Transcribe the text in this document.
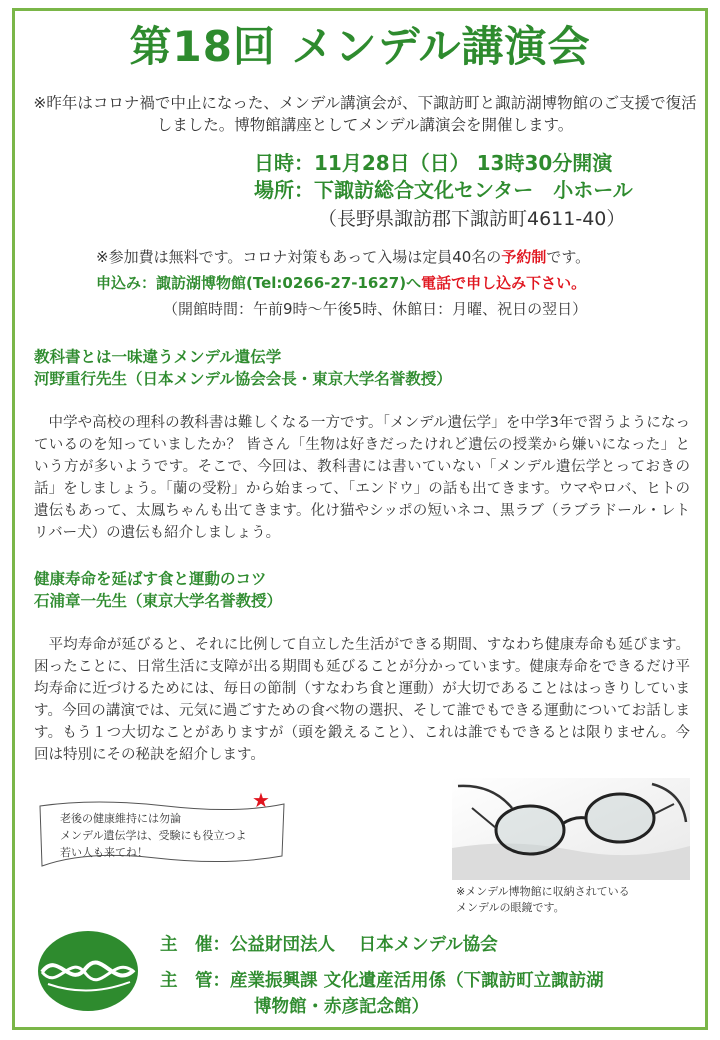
第18回 メンデル講演会
※昨年はコロナ禍で中止になった、メンデル講演会が、下諏訪町と諏訪湖博物館のご支援で復活しました。博物館講座としてメンデル講演会を開催します。
日時：11月28日（日） 13時30分開演
場所：下諏訪総合文化センター　小ホール
（長野県諏訪郡下諏訪町4611-40）
※参加費は無料です。コロナ対策もあって入場は定員40名の予約制です。
申込み：諏訪湖博物館(Tel:0266-27-1627)へ電話で申し込み下さい。
（開館時間：午前9時～午後5時、休館日：月曜、祝日の翌日）
教科書とは一味違うメンデル遺伝学
河野重行先生（日本メンデル協会会長・東京大学名誉教授）
中学や高校の理科の教科書は難しくなる一方です。「メンデル遺伝学」を中学3年で習うようになっているのを知っていましたか？ 皆さん「生物は好きだったけれど遺伝の授業から嫌いになった」という方が多いようです。そこで、今回は、教科書には書いていない「メンデル遺伝学とっておきの話」をしましょう。「蘭の受粉」から始まって、「エンドウ」の話も出てきます。ウマやロバ、ヒトの遺伝もあって、太鳳ちゃんも出てきます。化け猫やシッポの短いネコ、黒ラブ（ラブラドール・レトリバー犬）の遺伝も紹介しましょう。
健康寿命を延ばす食と運動のコツ
石浦章一先生（東京大学名誉教授）
平均寿命が延びると、それに比例して自立した生活ができる期間、すなわち健康寿命も延びます。困ったことに、日常生活に支障が出る期間も延びることが分かっています。健康寿命をできるだけ平均寿命に近づけるためには、毎日の節制（すなわち食と運動）が大切であることははっきりしています。今回の講演では、元気に過ごすための食べ物の選択、そして誰でもできる運動についてお話します。もう１つ大切なことがありますが（頭を鍛えること）、これは誰でもできるとは限りません。今回は特別にその秘訣を紹介します。
老後の健康維持には勿論
メンデル遺伝学は、受験にも役立つよ
若い人も来てね！
★
※メンデル博物館に収納されている
メンデルの眼鏡です。
主　催：公益財団法人　 日本メンデル協会
主　管：産業振興課 文化遺産活用係（下諏訪町立諏訪湖
博物館・赤彦記念館）
